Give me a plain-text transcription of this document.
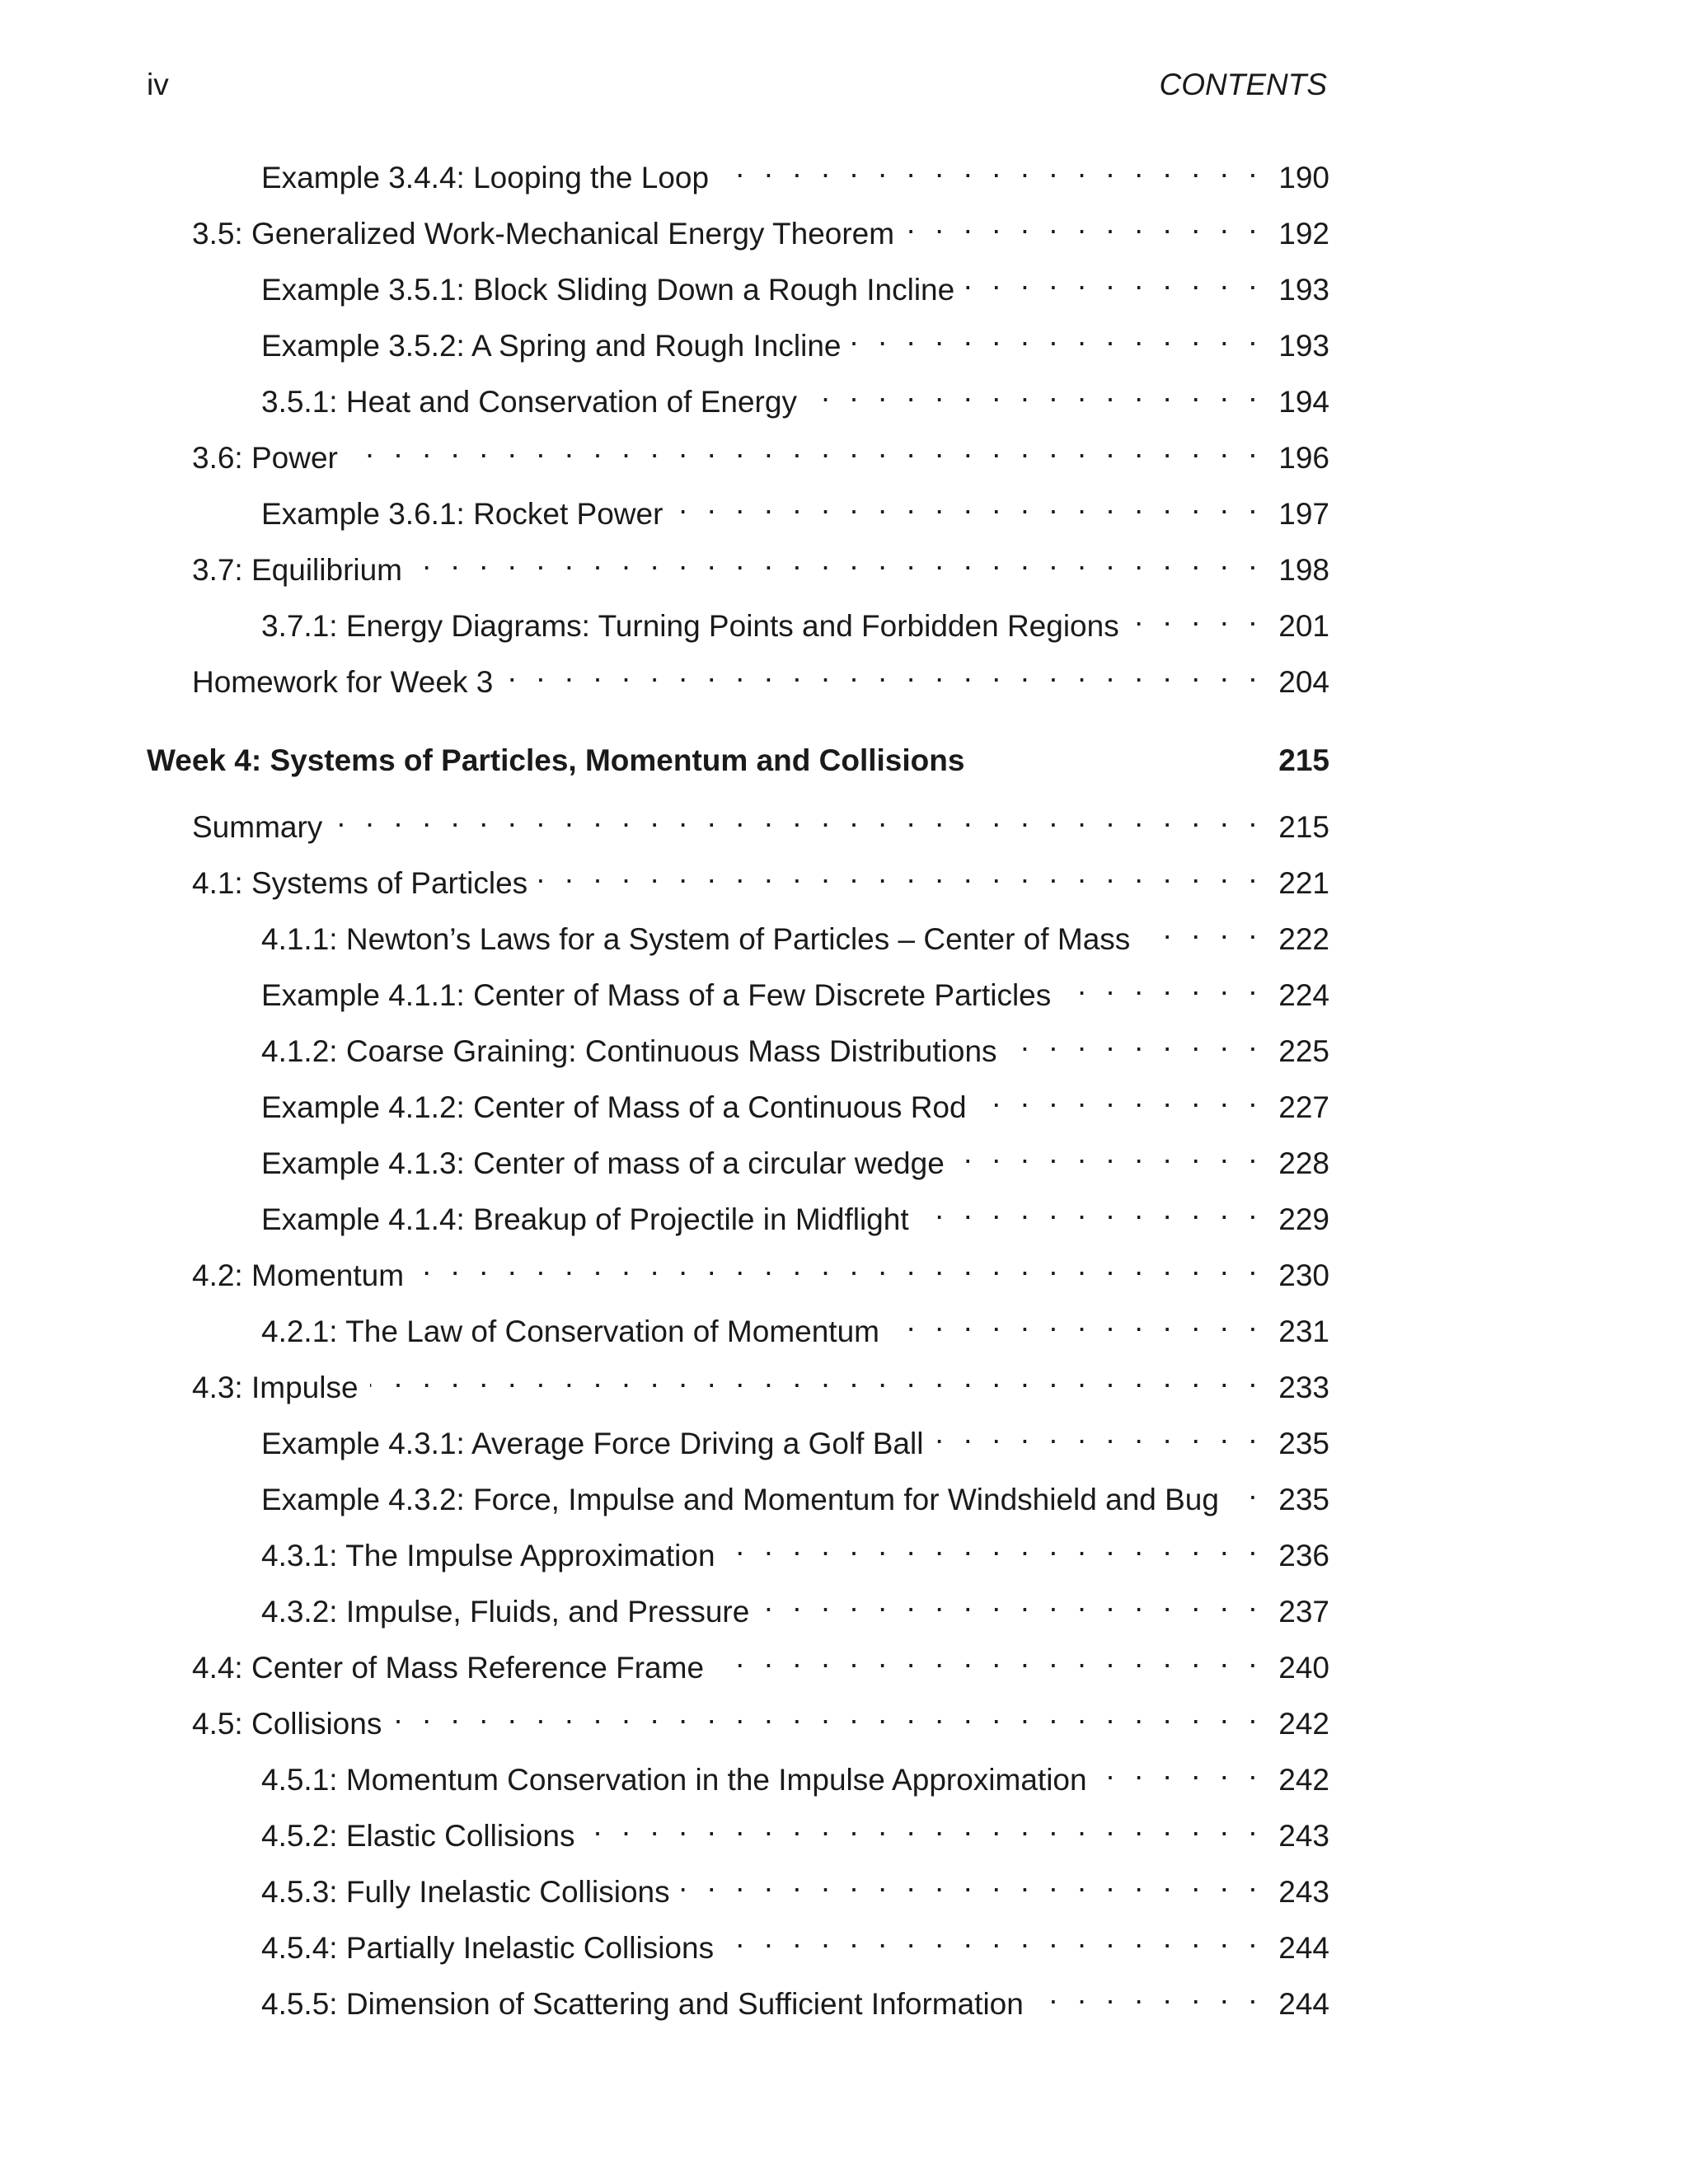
iv	CONTENTS
Example 3.4.4: Looping the Loop . . .	190
3.5: Generalized Work-Mechanical Energy Theorem . . .	192
Example 3.5.1: Block Sliding Down a Rough Incline . . .	193
Example 3.5.2: A Spring and Rough Incline . . .	193
3.5.1: Heat and Conservation of Energy . . .	194
3.6: Power . . .	196
Example 3.6.1: Rocket Power . . .	197
3.7: Equilibrium . . .	198
3.7.1: Energy Diagrams: Turning Points and Forbidden Regions . . .	201
Homework for Week 3 . . .	204
Week 4: Systems of Particles, Momentum and Collisions	215
Summary . . .	215
4.1: Systems of Particles . . .	221
4.1.1: Newton’s Laws for a System of Particles – Center of Mass . . .	222
Example 4.1.1: Center of Mass of a Few Discrete Particles . . .	224
4.1.2: Coarse Graining: Continuous Mass Distributions . . .	225
Example 4.1.2: Center of Mass of a Continuous Rod . . .	227
Example 4.1.3: Center of mass of a circular wedge . . .	228
Example 4.1.4: Breakup of Projectile in Midflight . . .	229
4.2: Momentum . . .	230
4.2.1: The Law of Conservation of Momentum . . .	231
4.3: Impulse . . .	233
Example 4.3.1: Average Force Driving a Golf Ball . . .	235
Example 4.3.2: Force, Impulse and Momentum for Windshield and Bug . . .	235
4.3.1: The Impulse Approximation . . .	236
4.3.2: Impulse, Fluids, and Pressure . . .	237
4.4: Center of Mass Reference Frame . . .	240
4.5: Collisions . . .	242
4.5.1: Momentum Conservation in the Impulse Approximation . . .	242
4.5.2: Elastic Collisions . . .	243
4.5.3: Fully Inelastic Collisions . . .	243
4.5.4: Partially Inelastic Collisions . . .	244
4.5.5: Dimension of Scattering and Sufficient Information . . .	244
